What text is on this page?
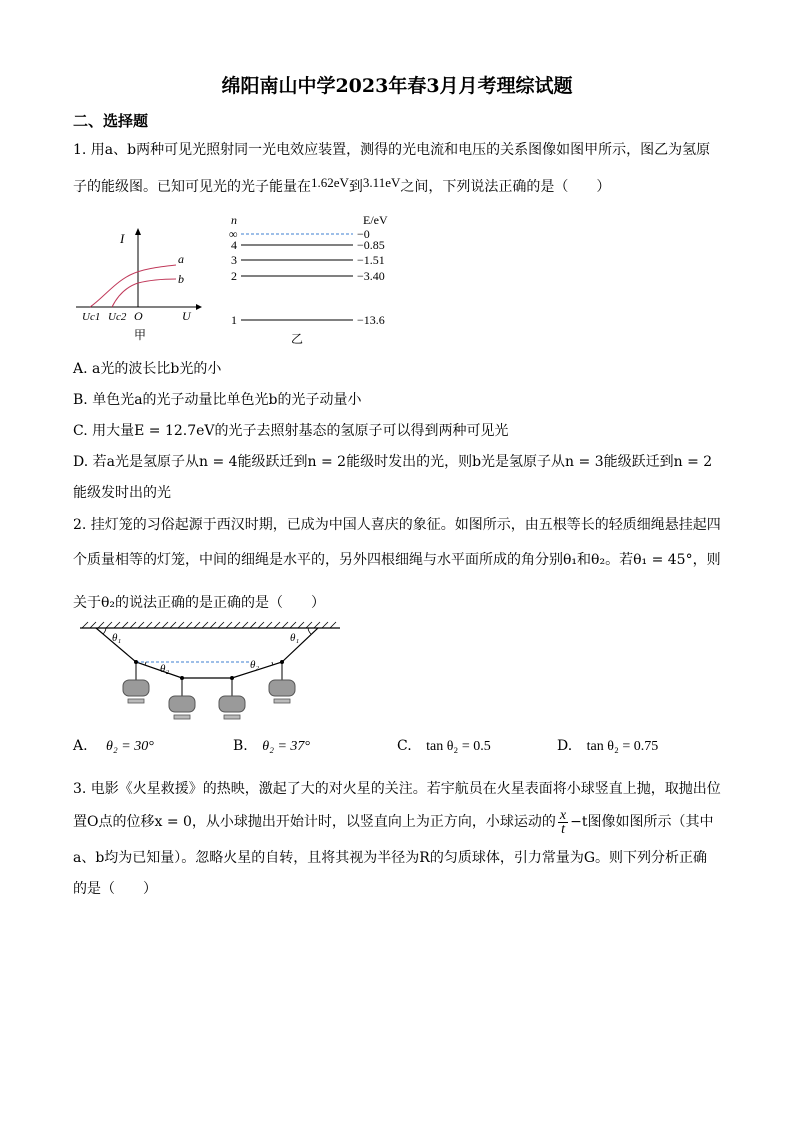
绵阳南山中学2023年春3月月考理综试题
二、选择题
1. 用a、b两种可见光照射同一光电效应装置，测得的光电流和电压的关系图像如图甲所示，图乙为氢原
子的能级图。已知可见光的光子能量在1.62eV到3.11eV之间，下列说法正确的是（　　）
I
U
a
b
O
Uc1 Uc2
甲
n	E/eV
∞	−0
4	−0.85
3	−1.51
2	−3.40
1	−13.6
乙
A. a光的波长比b光的小
B. 单色光a的光子动量比单色光b的光子动量小
C. 用大量E = 12.7eV的光子去照射基态的氢原子可以得到两种可见光
D. 若a光是氢原子从n = 4能级跃迁到n = 2能级时发出的光，则b光是氢原子从n = 3能级跃迁到n = 2
能级发时出的光
2. 挂灯笼的习俗起源于西汉时期，已成为中国人喜庆的象征。如图所示，由五根等长的轻质细绳悬挂起四
个质量相等的灯笼，中间的细绳是水平的，另外四根细绳与水平面所成的角分别θ₁和θ₂。若θ₁ = 45°，则
关于θ₂的说法正确的是正确的是（　　）
θ₁	θ₁
θ₂	θ₂
A. θ₂ = 30°	B. θ₂ = 37°	C. tan θ₂ = 0.5	D. tan θ₂ = 0.75
3. 电影《火星救援》的热映，激起了大的对火星的关注。若宇航员在火星表面将小球竖直上抛，取抛出位
置O点的位移x = 0，从小球抛出开始计时，以竖直向上为正方向，小球运动的 $\frac{x}{t} -t$图像如图所示（其中
a、b均为已知量）。忽略火星的自转，且将其视为半径为R的匀质球体，引力常量为G。则下列分析正确
的是（　　）
